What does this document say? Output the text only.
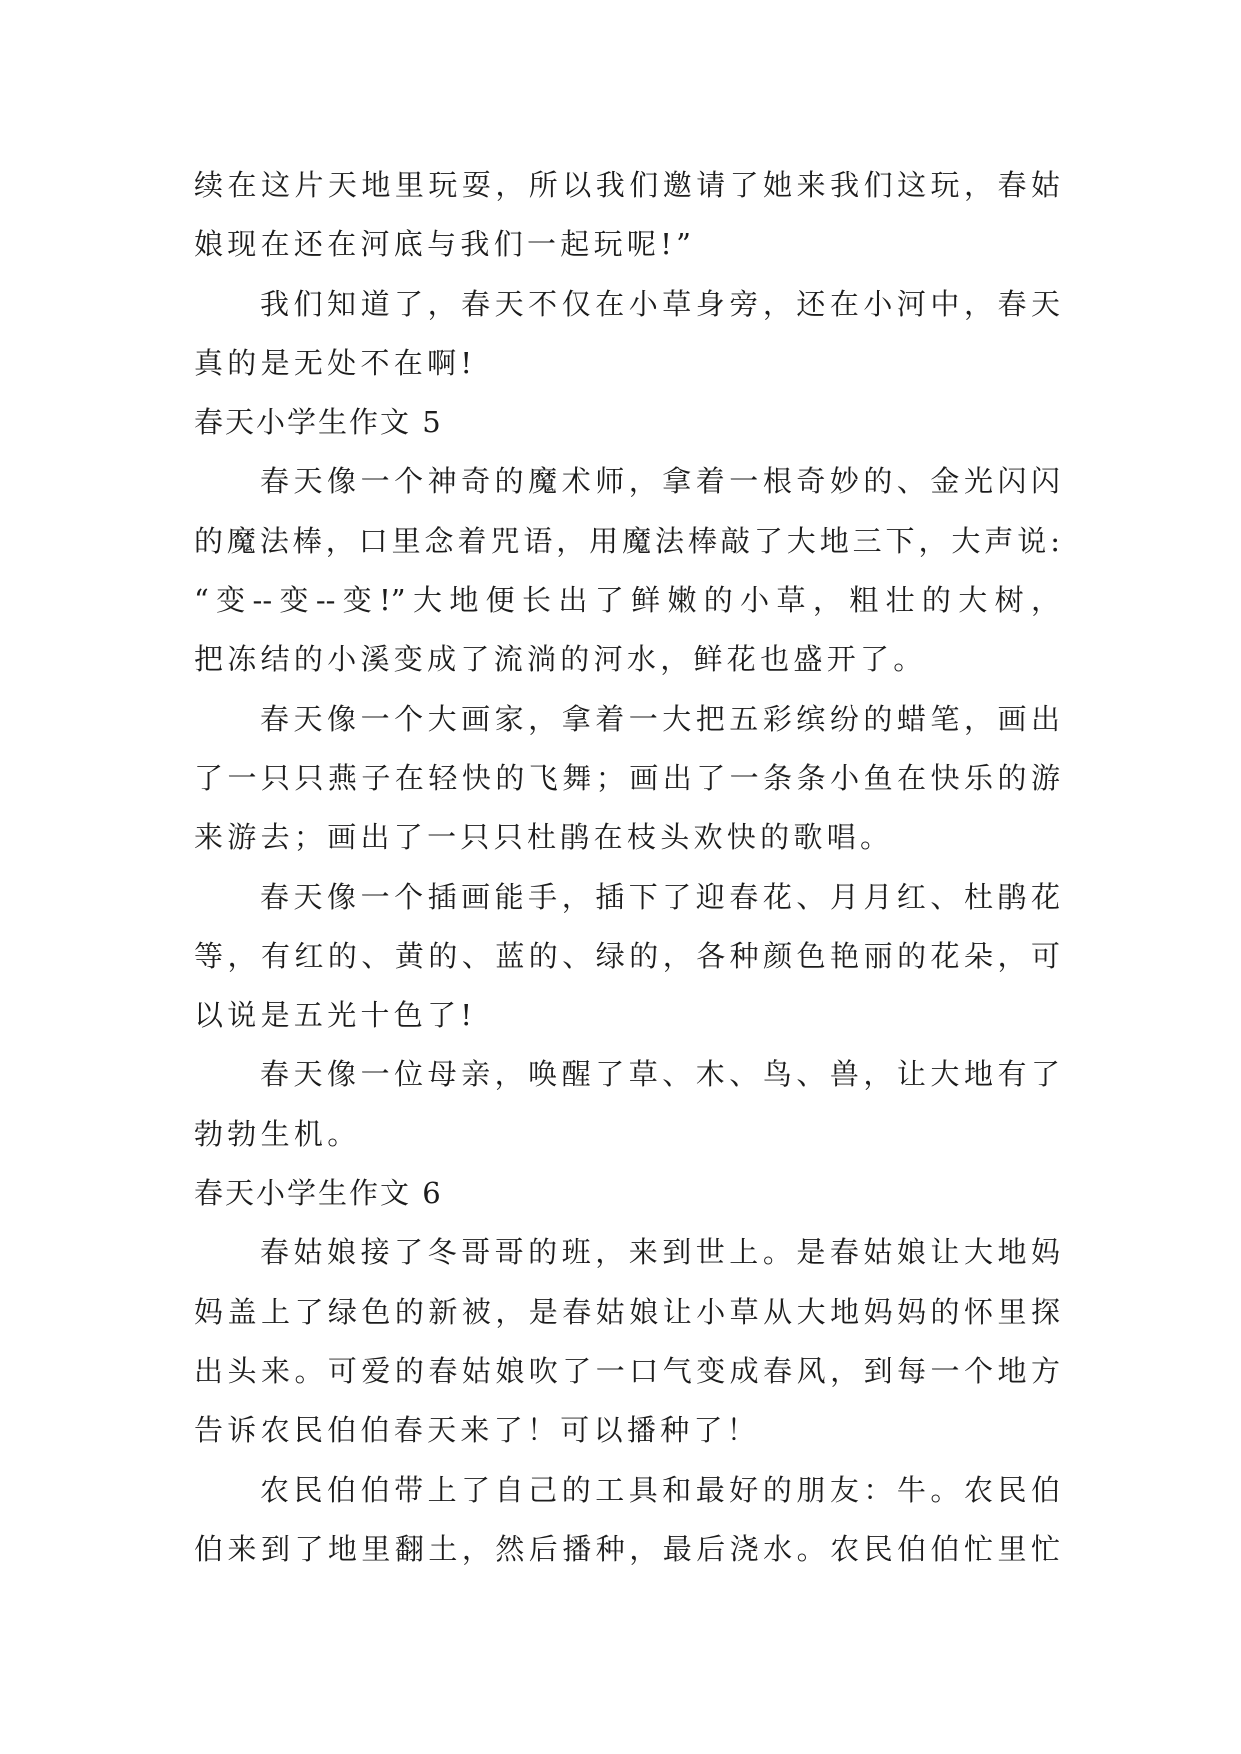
续在这片天地里玩耍，所以我们邀请了她来我们这玩，春姑
娘现在还在河底与我们一起玩呢!”
我们知道了，春天不仅在小草身旁，还在小河中，春天
真的是无处不在啊!
春天小学生作文 5
春天像一个神奇的魔术师，拿着一根奇妙的、金光闪闪
的魔法棒，口里念着咒语，用魔法棒敲了大地三下，大声说:
“变--变--变!”大地便长出了鲜嫩的小草，粗壮的大树，
把冻结的小溪变成了流淌的河水，鲜花也盛开了。
春天像一个大画家，拿着一大把五彩缤纷的蜡笔，画出
了一只只燕子在轻快的飞舞；画出了一条条小鱼在快乐的游
来游去；画出了一只只杜鹃在枝头欢快的歌唱。
春天像一个插画能手，插下了迎春花、月月红、杜鹃花
等，有红的、黄的、蓝的、绿的，各种颜色艳丽的花朵，可
以说是五光十色了!
春天像一位母亲，唤醒了草、木、鸟、兽，让大地有了
勃勃生机。
春天小学生作文 6
春姑娘接了冬哥哥的班，来到世上。是春姑娘让大地妈
妈盖上了绿色的新被，是春姑娘让小草从大地妈妈的怀里探
出头来。可爱的春姑娘吹了一口气变成春风，到每一个地方
告诉农民伯伯春天来了！可以播种了！
农民伯伯带上了自己的工具和最好的朋友：牛。农民伯
伯来到了地里翻土，然后播种，最后浇水。农民伯伯忙里忙
